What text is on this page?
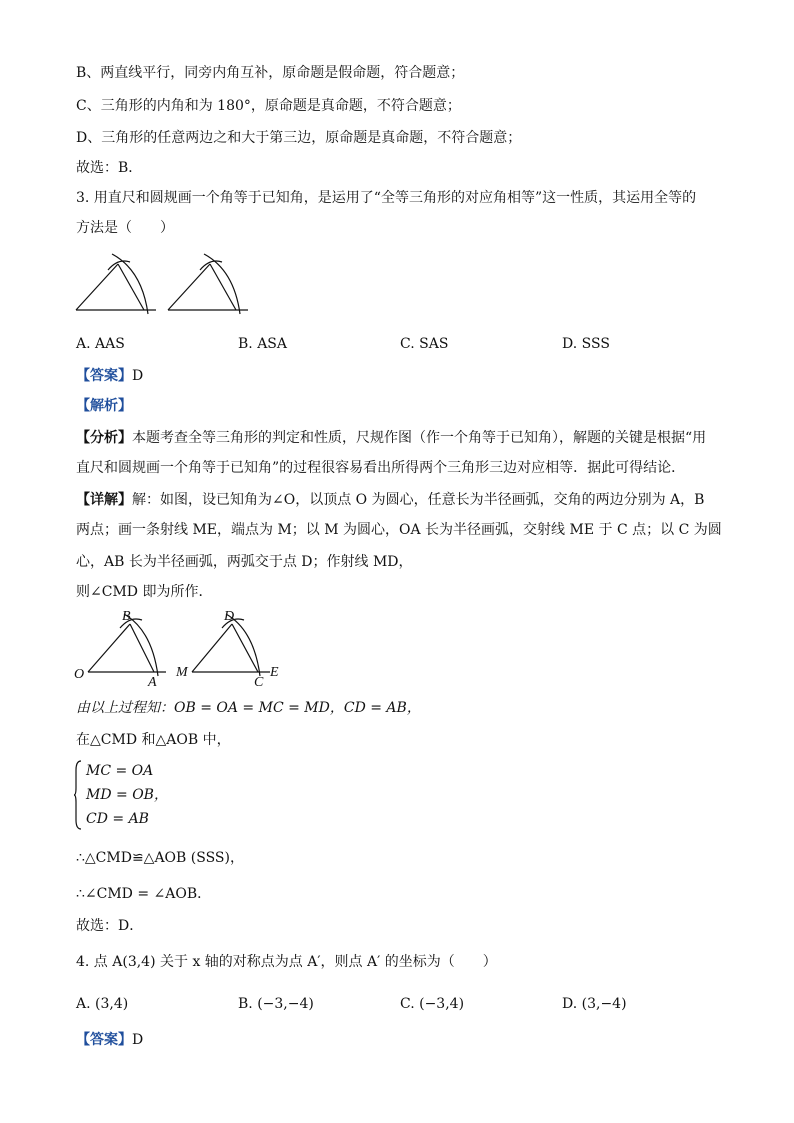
B、两直线平行，同旁内角互补，原命题是假命题，符合题意；
C、三角形的内角和为 180°，原命题是真命题，不符合题意；
D、三角形的任意两边之和大于第三边，原命题是真命题，不符合题意；
故选：B．
3. 用直尺和圆规画一个角等于已知角，是运用了“全等三角形的对应角相等”这一性质，其运用全等的
方法是（　　）
A. AAS	B. ASA	C. SAS	D. SSS
【答案】D
【解析】
【分析】本题考查全等三角形的判定和性质，尺规作图（作一个角等于已知角），解题的关键是根据“用
直尺和圆规画一个角等于已知角”的过程很容易看出所得两个三角形三边对应相等．据此可得结论．
【详解】解：如图，设已知角为∠O，以顶点 O 为圆心，任意长为半径画弧，交角的两边分别为 A，B
两点；画一条射线 ME，端点为 M；以 M 为圆心，OA 长为半径画弧，交射线 ME 于 C 点；以 C 为圆
心，AB 长为半径画弧，两弧交于点 D；作射线 MD，
则∠CMD 即为所作．
O
A
B
M
C
D
E
由以上过程知：OB = OA = MC = MD，CD = AB，
在△CMD 和△AOB 中，
MC = OA
MD = OB，
CD = AB
∴△CMD≌△AOB (SSS)，
∴∠CMD = ∠AOB．
故选：D．
4. 点 A(3,4) 关于 x 轴的对称点为点 A′，则点 A′ 的坐标为（　　）
A. (3,4)	B. (−3,−4)	C. (−3,4)	D. (3,−4)
【答案】D
